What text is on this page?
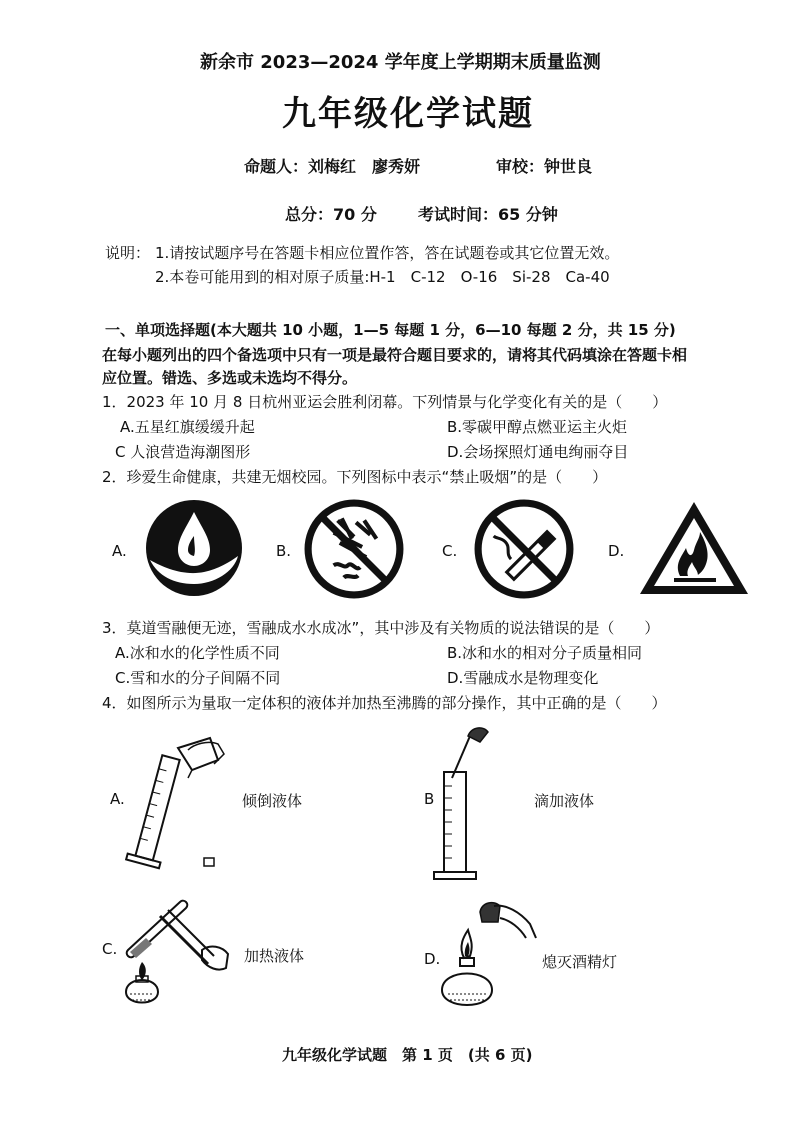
新余市 2023—2024 学年度上学期期末质量监测
九年级化学试题
命题人：刘梅红　廖秀妍	审校：钟世良
总分：70 分	考试时间：65 分钟
说明： 1.请按试题序号在答题卡相应位置作答，答在试题卷或其它位置无效。
2.本卷可能用到的相对原子质量:H-1　C-12　O-16　Si-28　Ca-40
一、单项选择题(本大题共 10 小题，1—5 每题 1 分，6—10 每题 2 分，共 15 分)
在每小题列出的四个备选项中只有一项是最符合题目要求的，请将其代码填涂在答题卡相
应位置。错选、多选或未选均不得分。
1．2023 年 10 月 8 日杭州亚运会胜利闭幕。下列情景与化学变化有关的是（　　）
A.五星红旗缓缓升起	B.零碳甲醇点燃亚运主火炬
C 人浪营造海潮图形	D.会场探照灯通电绚丽夺目
2．珍爱生命健康，共建无烟校园。下列图标中表示“禁止吸烟”的是（　　）
A.	B.	C.	D.
3．莫道雪融便无迹，雪融成水水成冰”，其中涉及有关物质的说法错误的是（　　）
A.冰和水的化学性质不同	B.冰和水的相对分子质量相同
C.雪和水的分子间隔不同	D.雪融成水是物理变化
4．如图所示为量取一定体积的液体并加热至沸腾的部分操作，其中正确的是（　　）
A.	倾倒液体	B	滴加液体
C.	加热液体	D.	熄灭酒精灯
九年级化学试题　第 1 页　(共 6 页)
